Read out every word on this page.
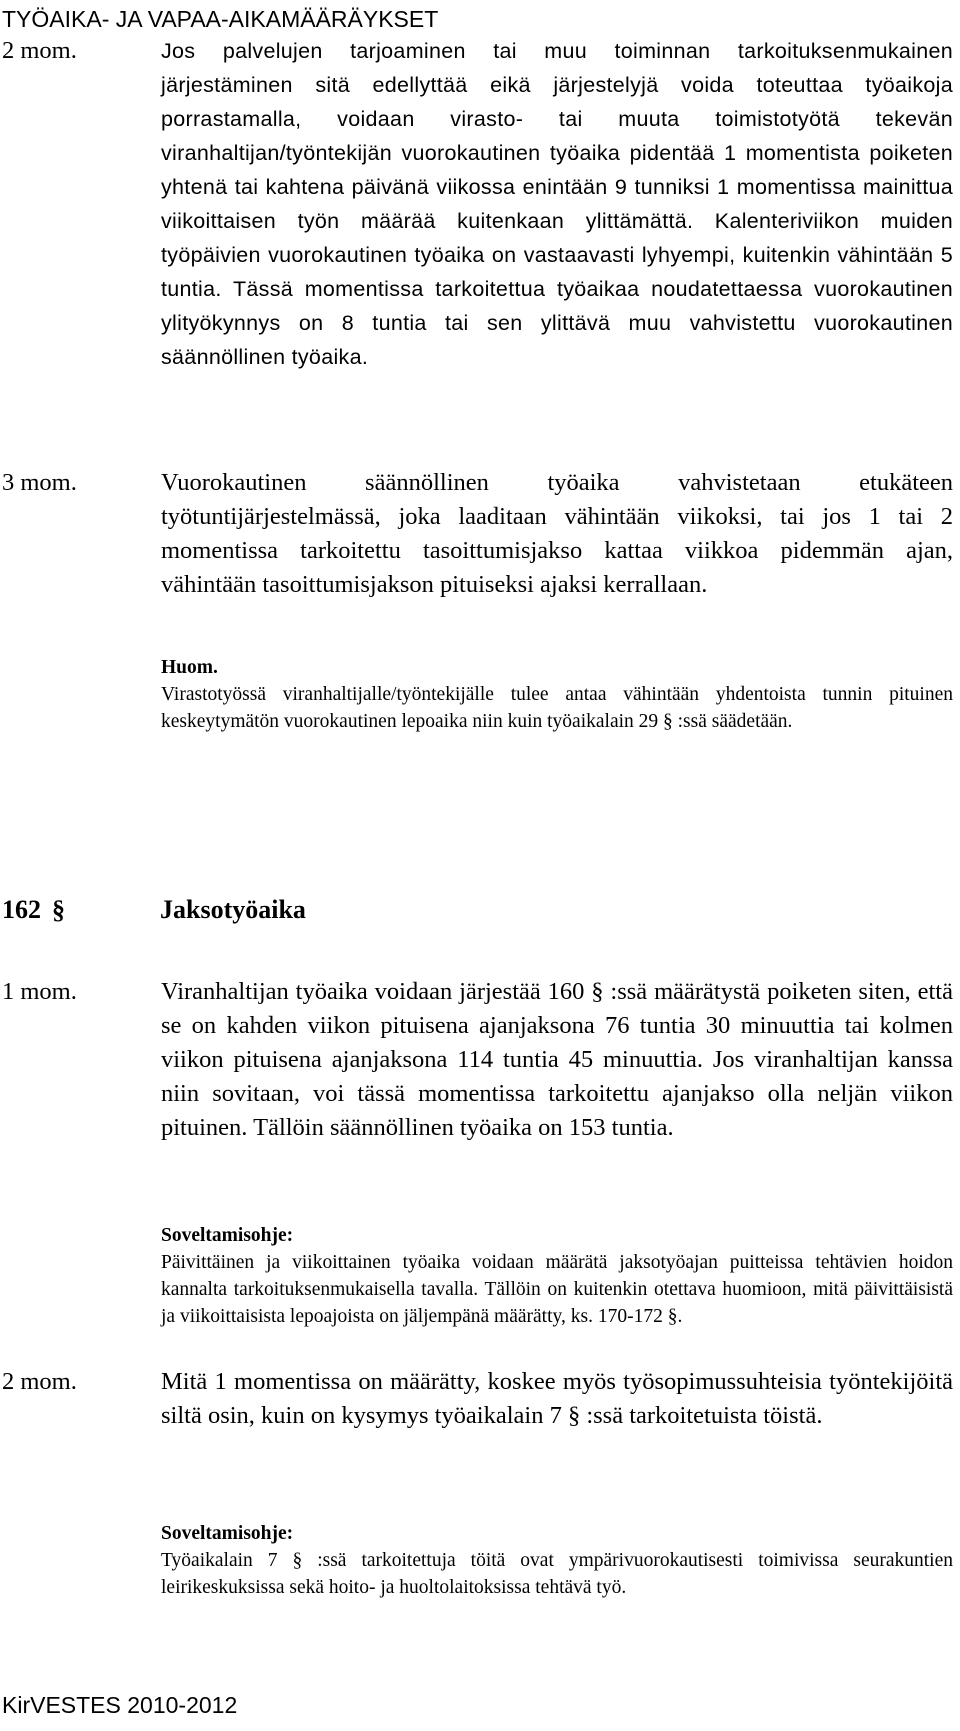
TYÖAIKA- JA VAPAA-AIKAMÄÄRÄYKSET
2 mom.	Jos palvelujen tarjoaminen tai muu toiminnan tarkoituksenmukainen järjestäminen sitä edellyttää eikä järjestelyjä voida toteuttaa työaikoja porrastamalla, voidaan virasto- tai muuta toimistotyötä tekevän viranhaltijan/työntekijän vuorokautinen työaika pidentää 1 momentista poiketen yhtenä tai kahtena päivänä viikossa enintään 9 tunniksi 1 momentissa mainittua viikoittaisen työn määrää kuitenkaan ylittämättä. Kalenteriviikon muiden työpäivien vuorokautinen työaika on vastaavasti lyhyempi, kuitenkin vähintään 5 tuntia. Tässä momentissa tarkoitettua työaikaa noudatettaessa vuorokautinen ylityökynnys on 8 tuntia tai sen ylittävä muu vahvistettu vuorokautinen säännöllinen työaika.

3 mom.	Vuorokautinen säännöllinen työaika vahvistetaan etukäteen työtuntijärjestelmässä, joka laaditaan vähintään viikoksi, tai jos 1 tai 2 momentissa tarkoitettu tasoittumisjakso kattaa viikkoa pidemmän ajan, vähintään tasoittumisjakson pituiseksi ajaksi kerrallaan.

Huom.

Virastotyössä viranhaltijalle/työntekijälle tulee antaa vähintään yhdentoista tunnin pituinen keskeytymätön vuorokautinen lepoaika niin kuin työaikalain 29 § :ssä säädetään.

162 §	Jaksotyöaika
1 mom.	Viranhaltijan työaika voidaan järjestää 160 § :ssä määrätystä poiketen siten, että se on kahden viikon pituisena ajanjaksona 76 tuntia 30 minuuttia tai kolmen viikon pituisena ajanjaksona 114 tuntia 45 minuuttia. Jos viranhaltijan kanssa niin sovitaan, voi tässä momentissa tarkoitettu ajanjakso olla neljän viikon pituinen. Tällöin säännöllinen työaika on 153 tuntia.

Soveltamisohje:

Päivittäinen ja viikoittainen työaika voidaan määrätä jaksotyöajan puitteissa tehtävien hoidon kannalta tarkoituksenmukaisella tavalla. Tällöin on kuitenkin otettava huomioon, mitä päivittäisistä ja viikoittaisista lepoajoista on jäljempänä määrätty, ks. 170-172 §.

2 mom.	Mitä 1 momentissa on määrätty, koskee myös työsopimussuhteisia työntekijöitä siltä osin, kuin on kysymys työaikalain 7 § :ssä tarkoitetuista töistä.

Soveltamisohje:

Työaikalain 7 § :ssä tarkoitettuja töitä ovat ympärivuorokautisesti toimivissa seurakuntien leirikeskuksissa sekä hoito- ja huoltolaitoksissa tehtävä työ.

KirVESTES 2010-2012
